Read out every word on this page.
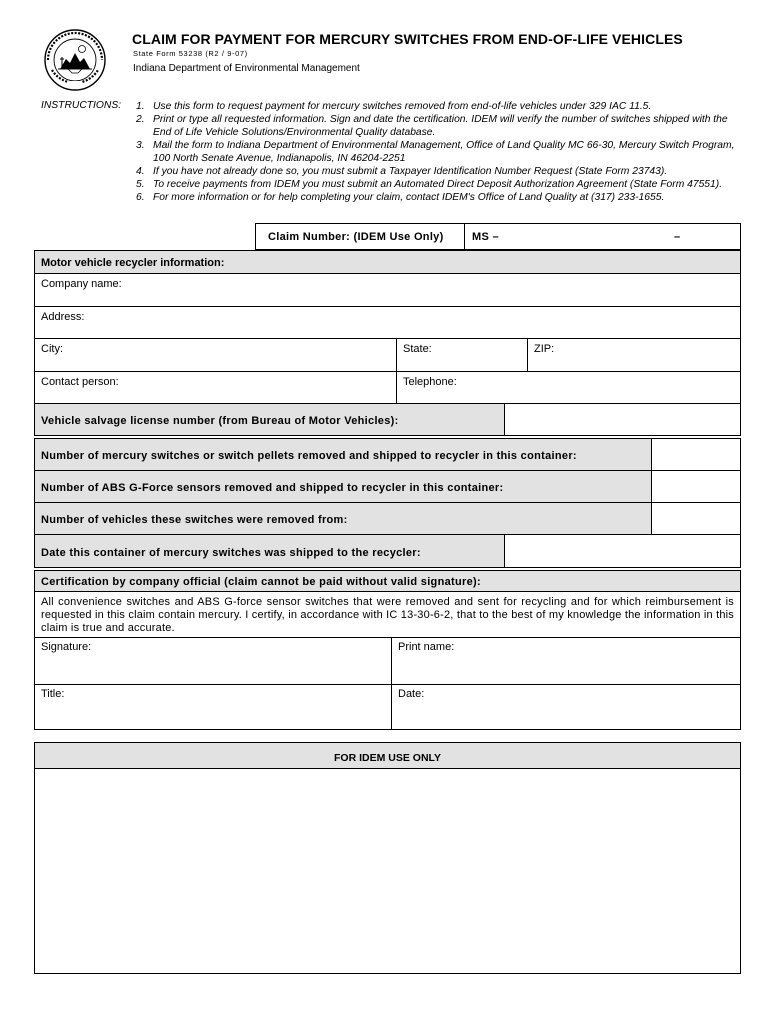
CLAIM FOR PAYMENT FOR MERCURY SWITCHES FROM END-OF-LIFE VEHICLES
State Form 53238 (R2 / 9-07)
Indiana Department of Environmental Management
INSTRUCTIONS: 1. Use this form to request payment for mercury switches removed from end-of-life vehicles under 329 IAC 11.5.
2. Print or type all requested information. Sign and date the certification. IDEM will verify the number of switches shipped with the End of Life Vehicle Solutions/Environmental Quality database.
3. Mail the form to Indiana Department of Environmental Management, Office of Land Quality MC 66-30, Mercury Switch Program, 100 North Senate Avenue, Indianapolis, IN 46204-2251
4. If you have not already done so, you must submit a Taxpayer Identification Number Request (State Form 23743).
5. To receive payments from IDEM you must submit an Automated Direct Deposit Authorization Agreement (State Form 47551).
6. For more information or for help completing your claim, contact IDEM's Office of Land Quality at (317) 233-1655.
Claim Number: (IDEM Use Only)	MS –	–
Motor vehicle recycler information:
Company name:
Address:
City:	State:	ZIP:
Contact person:	Telephone:
Vehicle salvage license number (from Bureau of Motor Vehicles):
Number of mercury switches or switch pellets removed and shipped to recycler in this container:
Number of ABS G-Force sensors removed and shipped to recycler in this container:
Number of vehicles these switches were removed from:
Date this container of mercury switches was shipped to the recycler:
Certification by company official (claim cannot be paid without valid signature):
All convenience switches and ABS G-force sensor switches that were removed and sent for recycling and for which reimbursement is requested in this claim contain mercury. I certify, in accordance with IC 13-30-6-2, that to the best of my knowledge the information in this claim is true and accurate.
Signature:	Print name:
Title:	Date:
FOR IDEM USE ONLY
